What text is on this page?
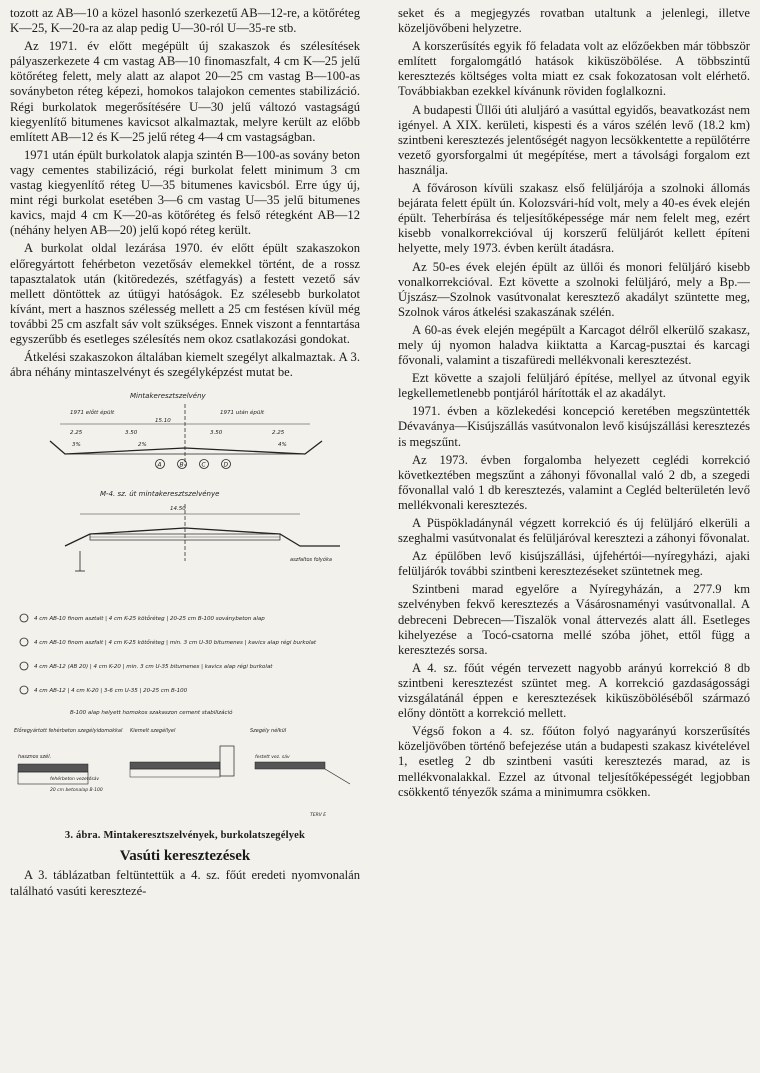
tozott az AB—10 a közel hasonló szerkezetű AB—12-re, a kötőréteg K—25, K—20-ra az alap pedig U—30-ról U—35-re stb.

Az 1971. év előtt megépült új szakaszok és szélesítések pályaszerkezete 4 cm vastag AB—10 finomaszfalt, 4 cm K—25 jelű kötőréteg felett, mely alatt az alapot 20—25 cm vastag B—100-as soványbeton réteg képezi, homokos talajokon cementes stabilizáció. Régi burkolatok megerősítésére U—30 jelű változó vastagságú kiegyenlítő bitumenes kavicsot alkalmaztak, melyre került az előbb említett AB—12 és K—25 jelű réteg 4—4 cm vastagságban.

1971 után épült burkolatok alapja szintén B—100-as sovány beton vagy cementes stabilizáció, régi burkolat felett minimum 3 cm vastag kiegyenlítő réteg U—35 bitumenes kavicsból. Erre úgy új, mint régi burkolat esetében 3—6 cm vastag U—35 jelű bitumenes kavics, majd 4 cm K—20-as kötőréteg és felső rétegként AB—12 (néhány helyen AB—20) jelű kopó réteg került.

A burkolat oldal lezárása 1970. év előtt épült szakaszokon előregyártott fehérbeton vezetősáv elemekkel történt, de a rossz tapasztalatok után (kitöredezés, szétfagyás) a festett vezető sáv mellett döntöttek az útügyi hatóságok. Ez szélesebb burkolatot kívánt, mert a hasznos szélesség mellett a 25 cm festésen kívül még további 25 cm aszfalt sáv volt szükséges. Ennek viszont a fenntartása egyszerűbb és esetleges szélesítés nem okoz csatlakozási gondokat.

Átkelési szakaszokon általában kiemelt szegélyt alkalmaztak. A 3. ábra néhány mintaszelvényt és szegélyképzést mutat be.

Mintakeresztszelvény
1971 előtt épült	1971 után épült
2.25	3.50	3.50	2.25
15.10
3%	2%	4%
A	B	C	D
M-4. sz. út mintakeresztszelvénye
14.50
aszfaltos folyóka
4 cm AB-10 finom asztalt | 4 cm K-25 kötőréteg | 20-25 cm B-100 soványbeton alap
4 cm AB-10 finom aszfalt | 4 cm K-25 kötőréteg | min. 3 cm U-30 bitumenes | kavics alap régi burkolat
4 cm AB-12 (AB 20) | 4 cm K-20 | min. 3 cm U-35 bitumenes | kavics alap régi burkolat
4 cm AB-12 | 4 cm K-20 | 3-6 cm U-35 | 20-25 cm B-100
B-100 alap helyett homokos szakaszon cement stabilizáció
Előregyártott fehérbeton szegélyidomokkal Kiemelt szegéllyel	Szegély nélkül
hasznos szél.
fehérbeton vezetősáv
20 cm betonalap B-100
festett vez. sáv
TERV E
3. ábra. Mintakeresztszelvények, burkolatszegélyek
Vasúti keresztezések

A 3. táblázatban feltüntettük a 4. sz. főút eredeti nyomvonalán található vasúti keresztezé-

seket és a megjegyzés rovatban utaltunk a jelenlegi, illetve közeljövőbeni helyzetre.

A korszerűsítés egyik fő feladata volt az előzőekben már többször említett forgalomgátló hatások kiküszöbölése. A többszintű keresztezés költséges volta miatt ez csak fokozatosan volt elérhető. Továbbiakban ezekkel kívánunk röviden foglalkozni.

A budapesti Üllői úti aluljáró a vasúttal egyidős, beavatkozást nem igényel. A XIX. kerületi, kispesti és a város szélén levő (18.2 km) szintbeni keresztezés jelentőségét nagyon lecsökkentette a repülőtérre vezető gyorsforgalmi út megépítése, mert a távolsági forgalom ezt használja.

A fővároson kívüli szakasz első felüljárója a szolnoki állomás bejárata felett épült ún. Kolozsvári-híd volt, mely a 40-es évek elején épült. Teherbírása és teljesítőképessége már nem felelt meg, ezért kisebb vonalkorrekcióval új korszerű felüljárót kellett építeni helyette, mely 1973. évben került átadásra.

Az 50-es évek elején épült az üllői és monori felüljáró kisebb vonalkorrekcióval. Ezt követte a szolnoki felüljáró, mely a Bp.—Újszász—Szolnok vasútvonalat keresztező akadályt szüntette meg, Szolnok város átkelési szakaszának szélén.

A 60-as évek elején megépült a Karcagot délről elkerülő szakasz, mely új nyomon haladva kiiktatta a Karcag-pusztai és karcagi fővonali, valamint a tiszafüredi mellékvonali keresztezést.

Ezt követte a szajoli felüljáró építése, mellyel az útvonal egyik legkellemetlenebb pontjáról hárították el az akadályt.

1971. évben a közlekedési koncepció keretében megszüntették Dévaványa—Kisújszállás vasútvonalon levő kisújszállási keresztezés is megszűnt.

Az 1973. évben forgalomba helyezett ceglédi korrekció következtében megszűnt a záhonyi fővonallal való 2 db, a szegedi fővonallal való 1 db keresztezés, valamint a Cegléd belterületén levő mellékvonali keresztezés.

A Püspökladánynál végzett korrekció és új felüljáró elkerüli a szeghalmi vasútvonalat és felüljáróval keresztezi a záhonyi fővonalat.

Az épülőben levő kisújszállási, újfehértói—nyíregyházi, ajaki felüljárók további szintbeni keresztezéseket szüntetnek meg.

Szintbeni marad egyelőre a Nyíregyházán, a 277.9 km szelvényben fekvő keresztezés a Vásárosnaményi vasútvonallal. A debreceni Debrecen—Tiszalök vonal áttervezés alatt áll. Esetleges kihelyezése a Tocó-csatorna mellé szóba jöhet, ettől függ a keresztezés sorsa.

A 4. sz. főút végén tervezett nagyobb arányú korrekció 8 db szintbeni keresztezést szüntet meg. A korrekció gazdaságossági vizsgálatánál éppen e keresztezések kiküszöböléséből származó előny döntött a korrekció mellett.

Végső fokon a 4. sz. főúton folyó nagyarányú korszerűsítés közeljövőben történő befejezése után a budapesti szakasz kivételével 1, esetleg 2 db szintbeni vasúti keresztezés marad, az is mellékvonalakkal. Ezzel az útvonal teljesítőképességét legjobban csökkentő tényezők száma a minimumra csökken.
